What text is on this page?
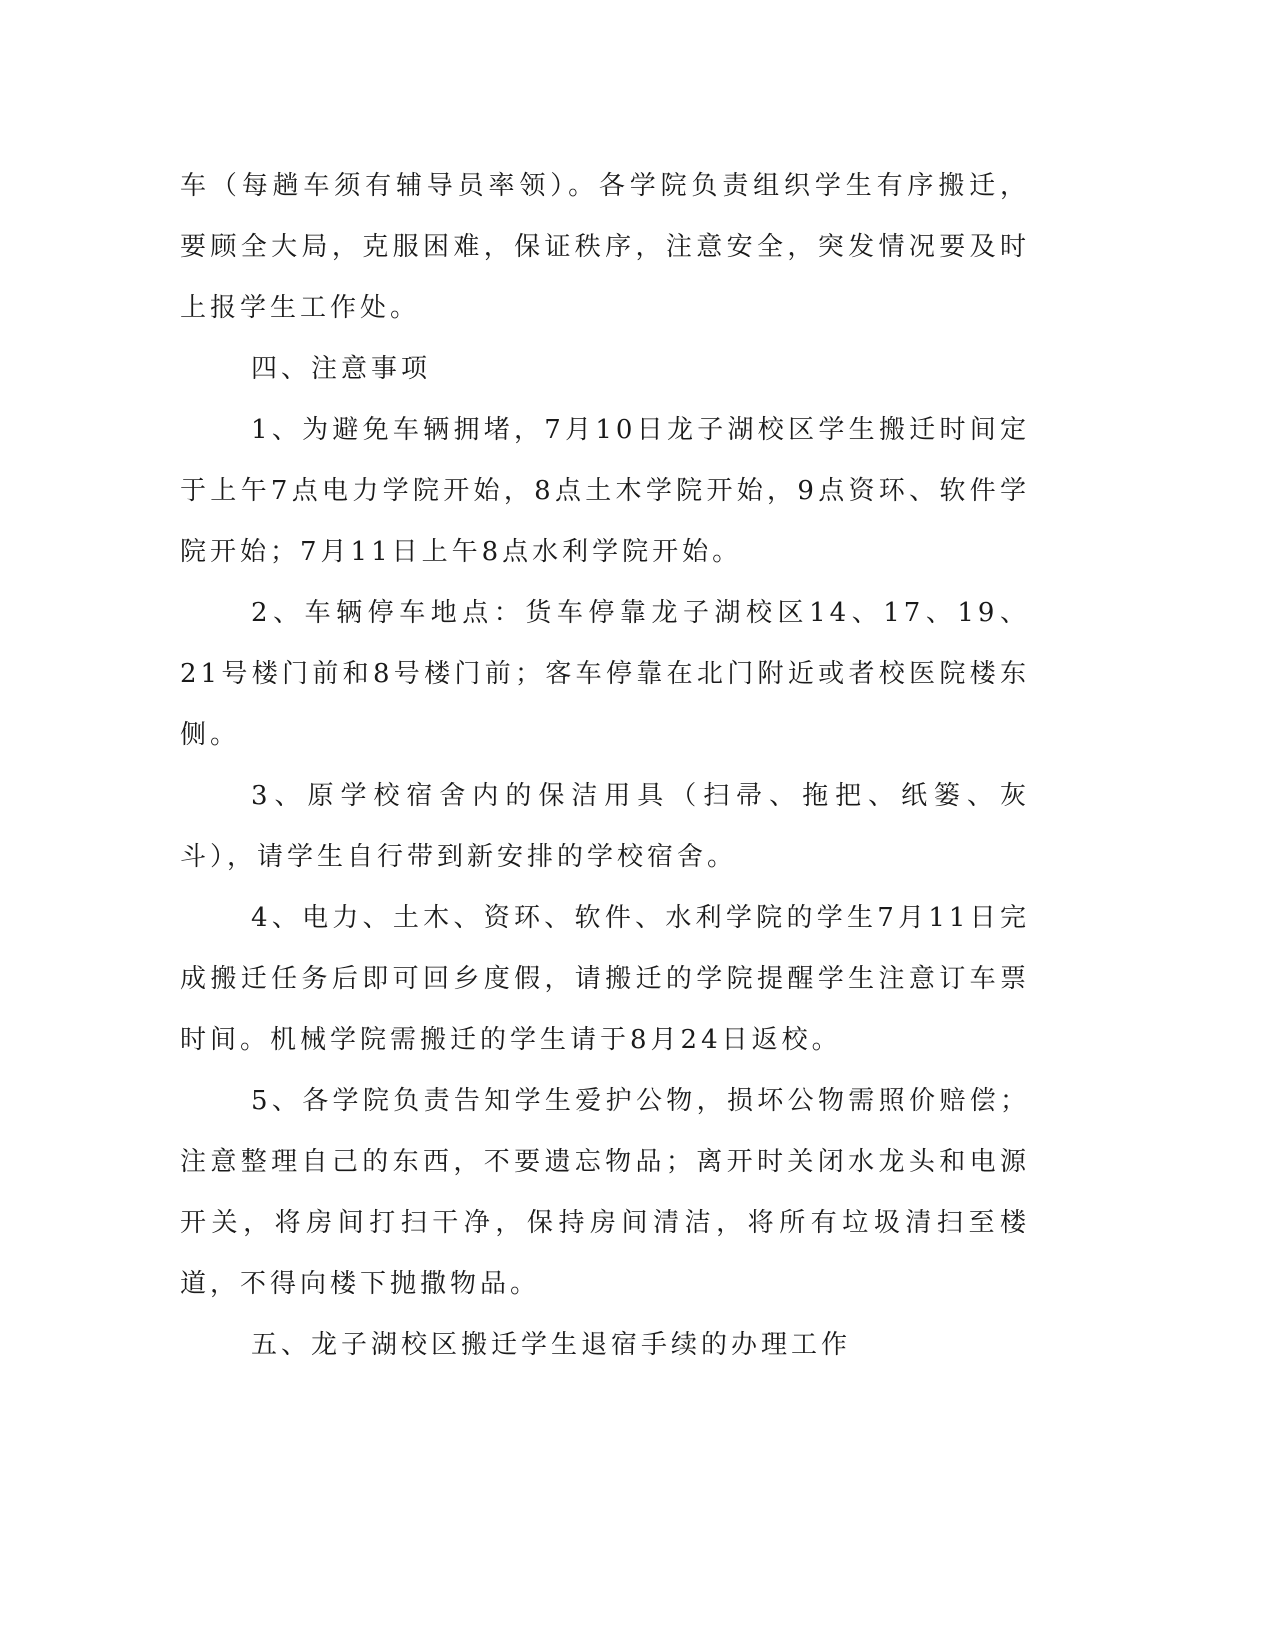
车（每趟车须有辅导员率领）。各学院负责组织学生有序搬迁，要顾全大局，克服困难，保证秩序，注意安全，突发情况要及时上报学生工作处。

四、注意事项

1、为避免车辆拥堵，7月10日龙子湖校区学生搬迁时间定于上午7点电力学院开始，8点土木学院开始，9点资环、软件学院开始；7月11日上午8点水利学院开始。

2、车辆停车地点：货车停靠龙子湖校区14、17、19、21号楼门前和8号楼门前；客车停靠在北门附近或者校医院楼东侧。

3、原学校宿舍内的保洁用具（扫帚、拖把、纸篓、灰斗），请学生自行带到新安排的学校宿舍。

4、电力、土木、资环、软件、水利学院的学生7月11日完成搬迁任务后即可回乡度假，请搬迁的学院提醒学生注意订车票时间。机械学院需搬迁的学生请于8月24日返校。

5、各学院负责告知学生爱护公物，损坏公物需照价赔偿；注意整理自己的东西，不要遗忘物品；离开时关闭水龙头和电源开关，将房间打扫干净，保持房间清洁，将所有垃圾清扫至楼道，不得向楼下抛撒物品。

五、龙子湖校区搬迁学生退宿手续的办理工作
